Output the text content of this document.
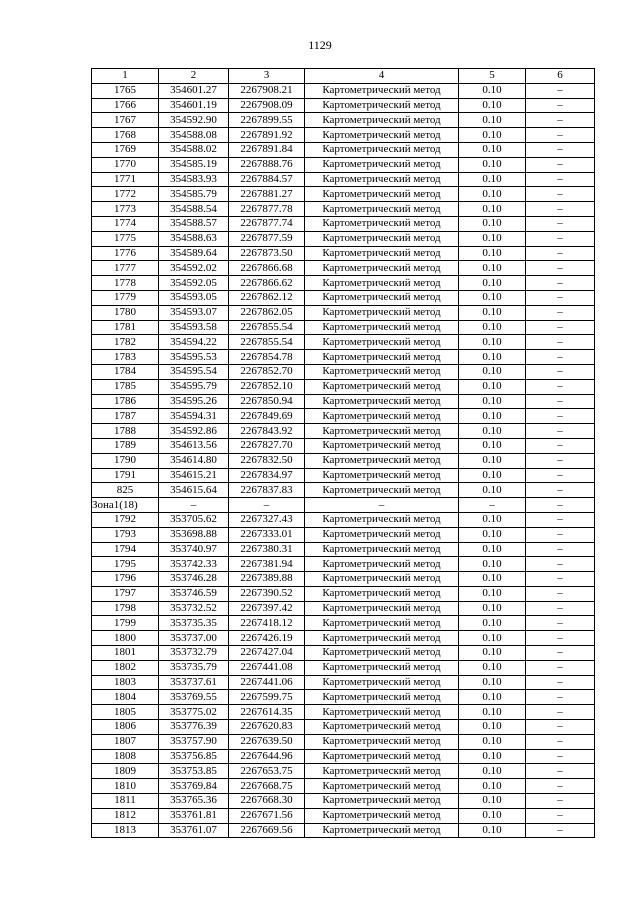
1129
1	2	3	4	5	6
1765	354601.27	2267908.21	Картометрический метод	0.10	–
1766	354601.19	2267908.09	Картометрический метод	0.10	–
1767	354592.90	2267899.55	Картометрический метод	0.10	–
1768	354588.08	2267891.92	Картометрический метод	0.10	–
1769	354588.02	2267891.84	Картометрический метод	0.10	–
1770	354585.19	2267888.76	Картометрический метод	0.10	–
1771	354583.93	2267884.57	Картометрический метод	0.10	–
1772	354585.79	2267881.27	Картометрический метод	0.10	–
1773	354588.54	2267877.78	Картометрический метод	0.10	–
1774	354588.57	2267877.74	Картометрический метод	0.10	–
1775	354588.63	2267877.59	Картометрический метод	0.10	–
1776	354589.64	2267873.50	Картометрический метод	0.10	–
1777	354592.02	2267866.68	Картометрический метод	0.10	–
1778	354592.05	2267866.62	Картометрический метод	0.10	–
1779	354593.05	2267862.12	Картометрический метод	0.10	–
1780	354593.07	2267862.05	Картометрический метод	0.10	–
1781	354593.58	2267855.54	Картометрический метод	0.10	–
1782	354594.22	2267855.54	Картометрический метод	0.10	–
1783	354595.53	2267854.78	Картометрический метод	0.10	–
1784	354595.54	2267852.70	Картометрический метод	0.10	–
1785	354595.79	2267852.10	Картометрический метод	0.10	–
1786	354595.26	2267850.94	Картометрический метод	0.10	–
1787	354594.31	2267849.69	Картометрический метод	0.10	–
1788	354592.86	2267843.92	Картометрический метод	0.10	–
1789	354613.56	2267827.70	Картометрический метод	0.10	–
1790	354614.80	2267832.50	Картометрический метод	0.10	–
1791	354615.21	2267834.97	Картометрический метод	0.10	–
825	354615.64	2267837.83	Картометрический метод	0.10	–
Зона1(18)	–	–	–	–	–
1792	353705.62	2267327.43	Картометрический метод	0.10	–
1793	353698.88	2267333.01	Картометрический метод	0.10	–
1794	353740.97	2267380.31	Картометрический метод	0.10	–
1795	353742.33	2267381.94	Картометрический метод	0.10	–
1796	353746.28	2267389.88	Картометрический метод	0.10	–
1797	353746.59	2267390.52	Картометрический метод	0.10	–
1798	353732.52	2267397.42	Картометрический метод	0.10	–
1799	353735.35	2267418.12	Картометрический метод	0.10	–
1800	353737.00	2267426.19	Картометрический метод	0.10	–
1801	353732.79	2267427.04	Картометрический метод	0.10	–
1802	353735.79	2267441.08	Картометрический метод	0.10	–
1803	353737.61	2267441.06	Картометрический метод	0.10	–
1804	353769.55	2267599.75	Картометрический метод	0.10	–
1805	353775.02	2267614.35	Картометрический метод	0.10	–
1806	353776.39	2267620.83	Картометрический метод	0.10	–
1807	353757.90	2267639.50	Картометрический метод	0.10	–
1808	353756.85	2267644.96	Картометрический метод	0.10	–
1809	353753.85	2267653.75	Картометрический метод	0.10	–
1810	353769.84	2267668.75	Картометрический метод	0.10	–
1811	353765.36	2267668.30	Картометрический метод	0.10	–
1812	353761.81	2267671.56	Картометрический метод	0.10	–
1813	353761.07	2267669.56	Картометрический метод	0.10	–
